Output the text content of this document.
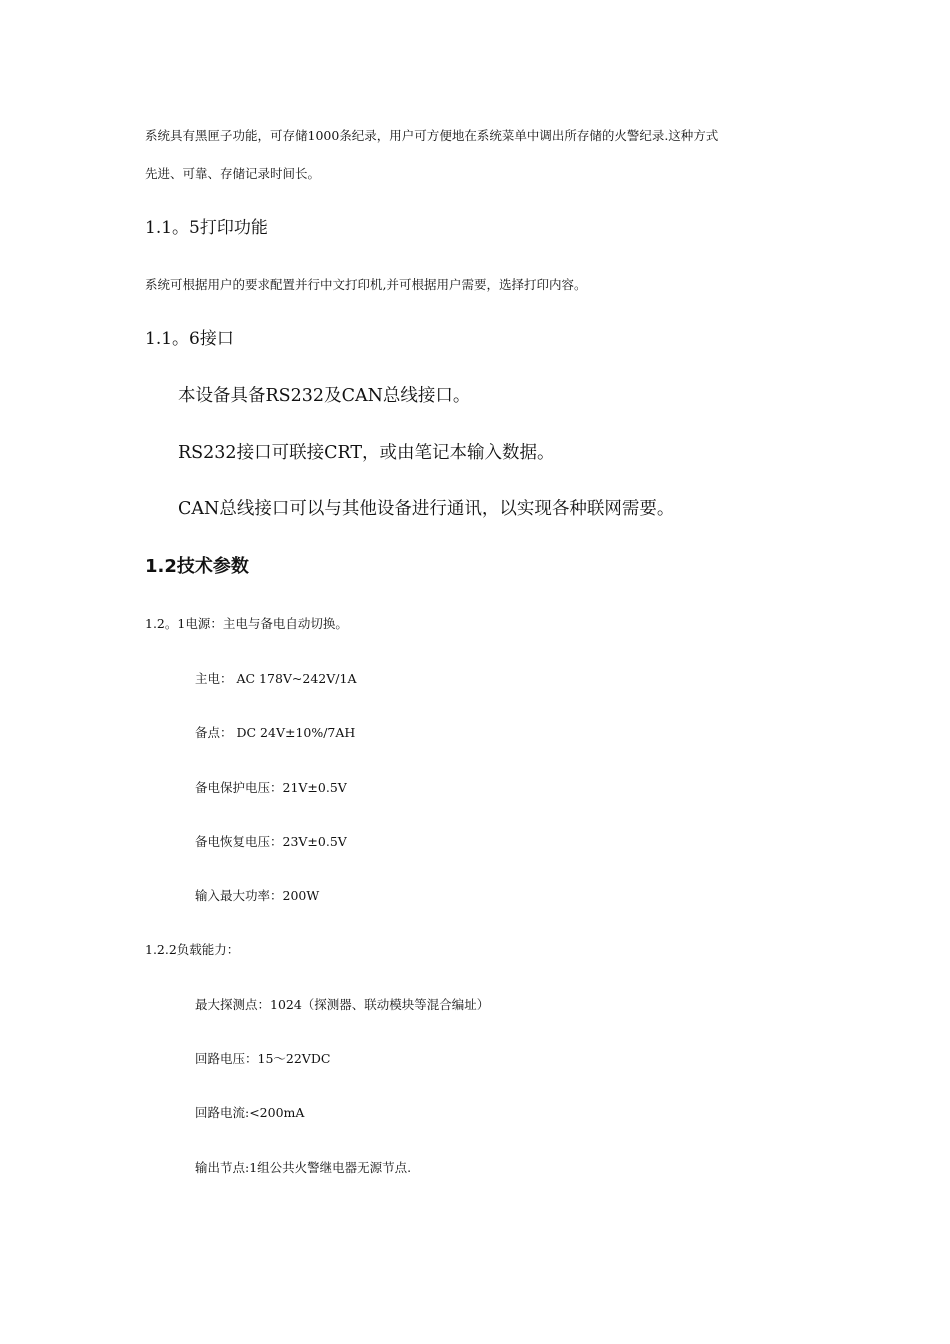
系统具有黑匣子功能，可存储1000条纪录，用户可方便地在系统菜单中调出所存储的火警纪录.这种方式

先进、可靠、存储记录时间长。

1.1。5打印功能

系统可根据用户的要求配置并行中文打印机,并可根据用户需要，选择打印内容。

1.1。6接口

本设备具备RS232及CAN总线接口。

RS232接口可联接CRT，或由笔记本输入数据。

CAN总线接口可以与其他设备进行通讯，以实现各种联网需要。

1.2技术参数

1.2。1电源：主电与备电自动切换。

主电： AC 178V~242V/1A

备点： DC 24V±10%/7AH

备电保护电压：21V±0.5V

备电恢复电压：23V±0.5V

输入最大功率：200W

1.2.2负载能力：

最大探测点：1024（探测器、联动模块等混合编址）

回路电压：15～22VDC

回路电流:<200mA

输出节点:1组公共火警继电器无源节点.
